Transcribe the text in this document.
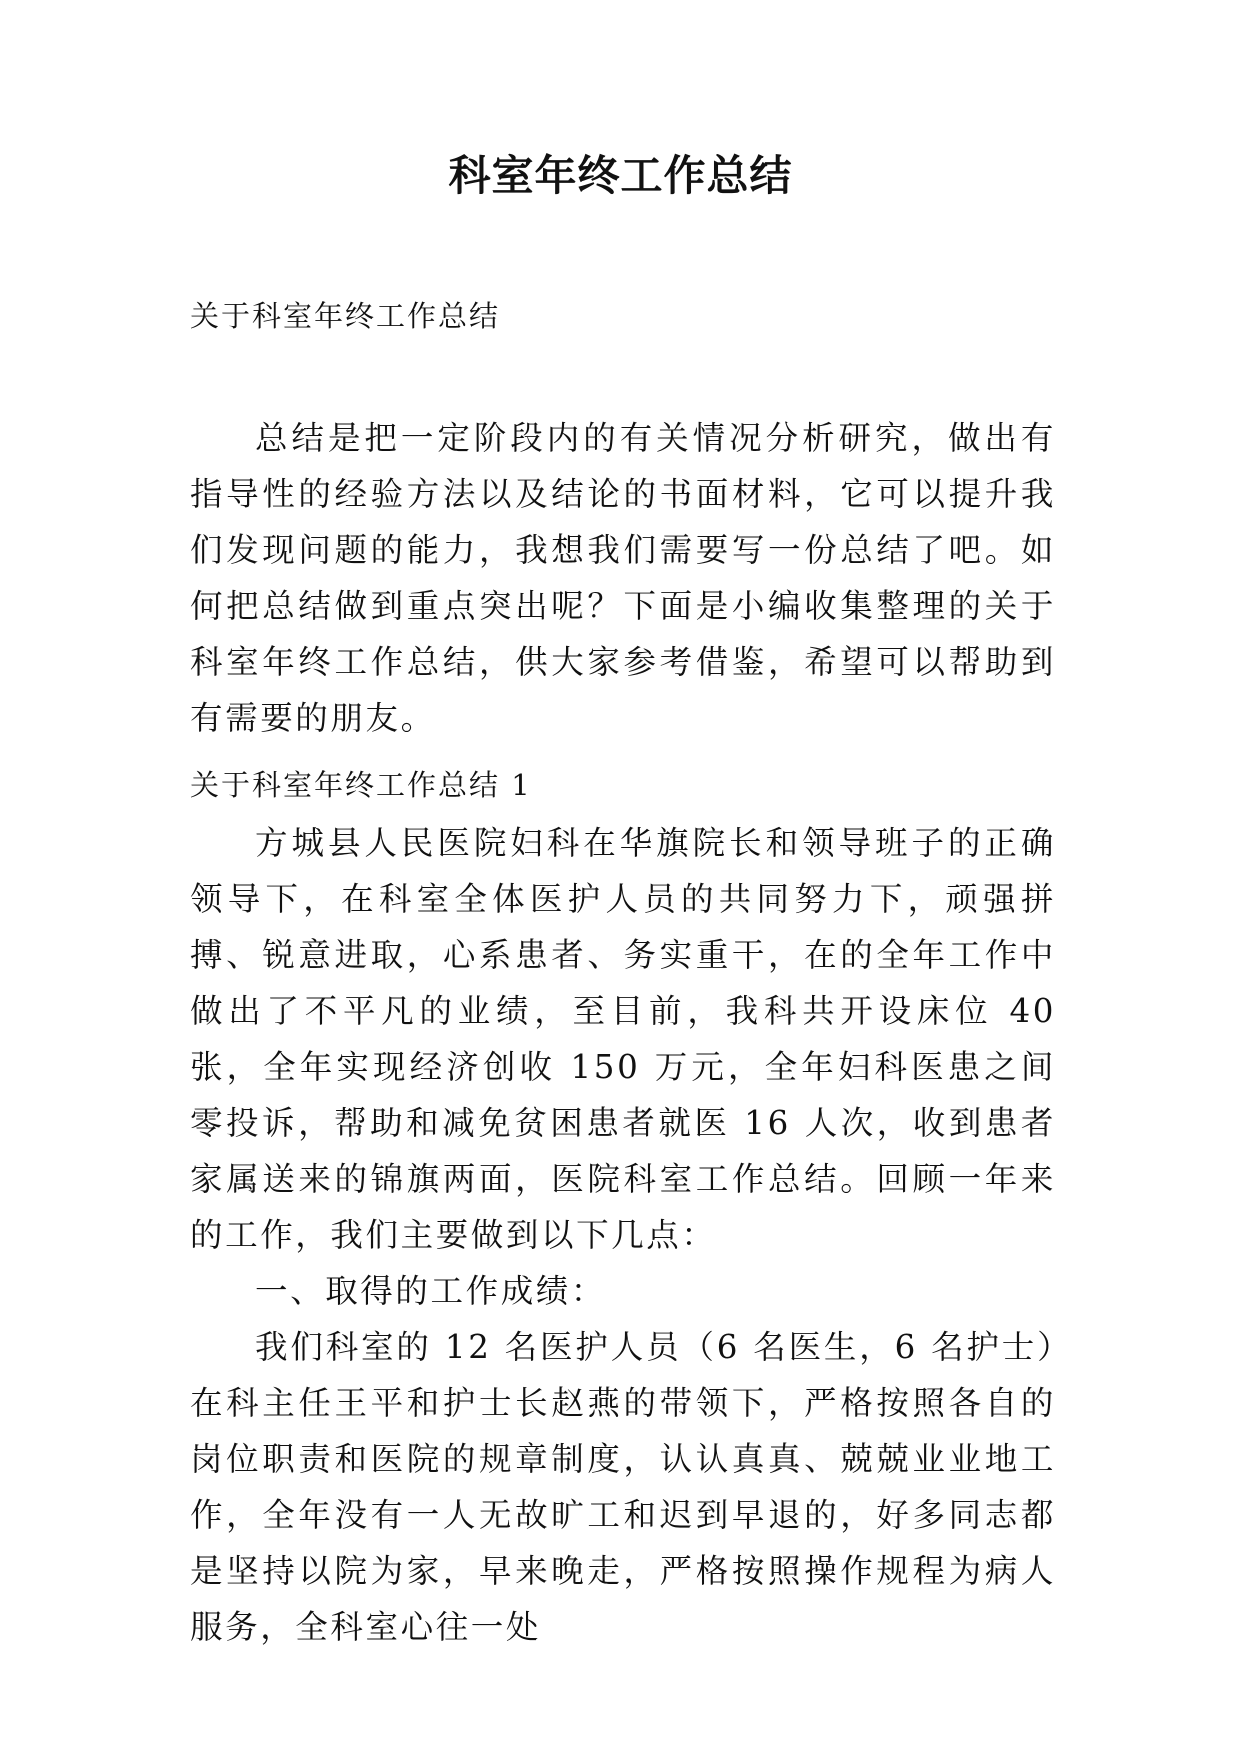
科室年终工作总结
关于科室年终工作总结

总结是把一定阶段内的有关情况分析研究，做出有指导性的经验方法以及结论的书面材料，它可以提升我们发现问题的能力，我想我们需要写一份总结了吧。如何把总结做到重点突出呢？下面是小编收集整理的关于科室年终工作总结，供大家参考借鉴，希望可以帮助到有需要的朋友。

关于科室年终工作总结 1

方城县人民医院妇科在华旗院长和领导班子的正确领导下，在科室全体医护人员的共同努力下，顽强拼搏、锐意进取，心系患者、务实重干，在的全年工作中做出了不平凡的业绩，至目前，我科共开设床位 40 张，全年实现经济创收 150 万元，全年妇科医患之间零投诉，帮助和减免贫困患者就医 16 人次，收到患者家属送来的锦旗两面，医院科室工作总结。回顾一年来的工作，我们主要做到以下几点：

一、取得的工作成绩：

我们科室的 12 名医护人员（6 名医生，6 名护士）在科主任王平和护士长赵燕的带领下，严格按照各自的岗位职责和医院的规章制度，认认真真、兢兢业业地工作，全年没有一人无故旷工和迟到早退的，好多同志都是坚持以院为家，早来晚走，严格按照操作规程为病人服务，全科室心往一处
